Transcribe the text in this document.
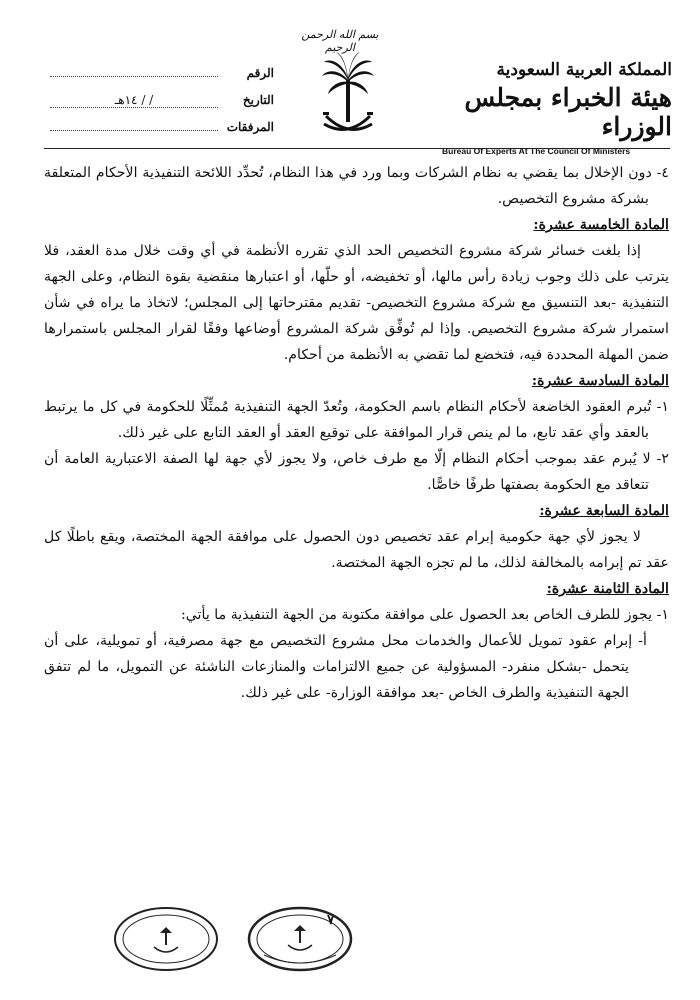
بسم الله الرحمن الرحيم
الرقم
التاريخ
/ / ١٤هـ
المرفقات
المملكة العربية السعودية
هيئة الخبراء بمجلس الوزراء
Bureau Of Experts At The Council Of Ministers

٤- دون الإخلال بما يقضي به نظام الشركات وبما ورد في هذا النظام، تُحدِّد اللائحة التنفيذية الأحكام المتعلقة بشركة مشروع التخصيص.

المادة الخامسة عشرة:

إذا بلغت خسائر شركة مشروع التخصيص الحد الذي تقرره الأنظمة في أي وقت خلال مدة العقد، فلا يترتب على ذلك وجوب زيادة رأس مالها، أو تخفيضه، أو حلّها، أو اعتبارها منقضية بقوة النظام، وعلى الجهة التنفيذية -بعد التنسيق مع شركة مشروع التخصيص- تقديم مقترحاتها إلى المجلس؛ لاتخاذ ما يراه في شأن استمرار شركة مشروع التخصيص. وإذا لم تُوفِّق شركة المشروع أوضاعها وفقًا لقرار المجلس باستمرارها ضمن المهلة المحددة فيه، فتخضع لما تقضي به الأنظمة من أحكام.

المادة السادسة عشرة:

١- تُبرم العقود الخاضعة لأحكام النظام باسم الحكومة، وتُعدّ الجهة التنفيذية مُمثِّلًا للحكومة في كل ما يرتبط بالعقد وأي عقد تابع، ما لم ينص قرار الموافقة على توقيع العقد أو العقد التابع على غير ذلك.

٢- لا يُبرم عقد بموجب أحكام النظام إلّا مع طرف خاص، ولا يجوز لأي جهة لها الصفة الاعتبارية العامة أن تتعاقد مع الحكومة بصفتها طرفًا خاصًّا.

المادة السابعة عشرة:

لا يجوز لأي جهة حكومية إبرام عقد تخصيص دون الحصول على موافقة الجهة المختصة، ويقع باطلًا كل عقد تم إبرامه بالمخالفة لذلك، ما لم تجزه الجهة المختصة.

المادة الثامنة عشرة:

١- يجوز للطرف الخاص بعد الحصول على موافقة مكتوبة من الجهة التنفيذية ما يأتي:

أ- إبرام عقود تمويل للأعمال والخدمات محل مشروع التخصيص مع جهة مصرفية، أو تمويلية، على أن يتحمل -بشكل منفرد- المسؤولية عن جميع الالتزامات والمنازعات الناشئة عن التمويل، ما لم تتفق الجهة التنفيذية والطرف الخاص -بعد موافقة الوزارة- على غير ذلك.

٧
